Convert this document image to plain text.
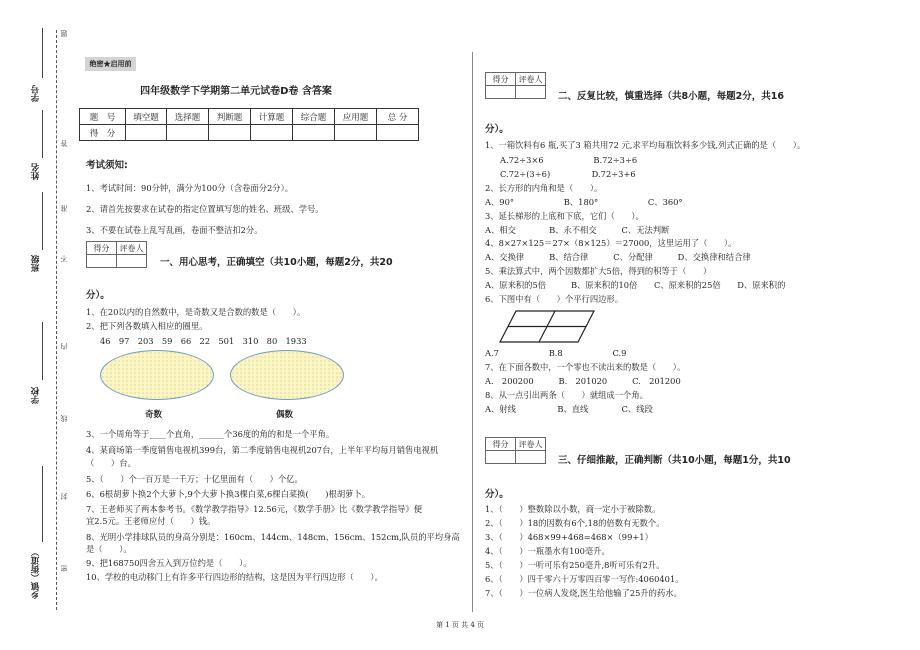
学号
姓名
班级
学校
乡镇（街道）
题
答
准
不
内
线
封
密
绝密★启用前
四年级数学下学期第二单元试卷D卷 含答案
题　号	填空题	选择题	判断题	计算题	综合题	应用题	总 分
得　分							
考试须知:
1、考试时间：90分钟，满分为100分（含卷面分2分）。
2、请首先按要求在试卷的指定位置填写您的姓名、班级、学号。
3、不要在试卷上乱写乱画，卷面不整洁扣2分。
得分	评卷人

一、用心思考，正确填空（共10小题，每题2分，共20
分）。
1、在20以内的自然数中，是奇数又是合数的数是（　　）。
2、把下列各数填入相应的圈里。
46　97　203　59　66　22　501　310　80　1933
奇数	偶数
3、一个周角等于____个直角，______个36度的角的和是一个平角。
4、某商场第一季度销售电视机399台，第二季度销售电视机207台，上半年平均每月销售电视机
（　　）台。
5、（　　）个一百万是一千万；十亿里面有（　　）个亿。
6、6根胡萝卜换2个大萝卜,9个大萝卜换3棵白菜,6棵白菜换(　　)根胡萝卜。
7、王老师买了两本参考书。《数学教学指导》12.56元，《数学手册》比《数学教学指导》便
宜2.5元。王老师应付（　　）钱。
8、光明小学排球队员的身高分别是：160cm、144cm、148cm、156cm、152cm,队员的平均身高
是（　　）。
9、把168750四舍五入到万位约是（　　）。
10、学校的电动移门上有许多平行四边形的结构，这是因为平行四边形（　　）。
得分	评卷人

二、反复比较，慎重选择（共8小题，每题2分，共16
分）。
1、一箱饮料有6 瓶,买了3 箱共用72 元,求平均每瓶饮料多少钱,列式正确的是（　　）。
A.72÷3×6　　　　　　B.72÷3÷6
C.72÷(3÷6)　　　　　D.72÷3+6
2、长方形的内角和是（　　）。
A、90°　　　　　　B、180°　　　　　　C、360°
3、延长梯形的上底和下底，它们（　　）。
A、相交　　　　B、永不相交　　　C、无法判断
4、8×27×125＝27×（8×125）＝27000，这里运用了（　　）。
A、交换律　　　B、结合律　　　C、分配律　　　D、交换律和结合律
5、乘法算式中，两个因数都扩大5倍，得到的积等于（　　）
A、原来积的5倍　　　B、原来积的10倍　　C、原来积的25倍　　D、原来积的
6、下图中有（　　）个平行四边形。
A.7　　　　　　B.8　　　　　　C.9
7、在下面各数中，一个零也不读出来的数是（　　）。
A.　200200　　　B.　201020　　　C.　201200
8、从一点引出两条（　　）就组成一个角。
A、射线　　　　　B、直线　　　　C、线段
得分	评卷人

三、仔细推敲，正确判断（共10小题，每题1分，共10
分）。
1、（　　）整数除以小数，商一定小于被除数。
2、（　　）18的因数有6个,18的倍数有无数个。
3、（　　）468×99+468=468×（99+1）
4、（　　）一瓶墨水有100毫升。
5、（　　）一听可乐有250毫升,8听可乐有2升。
6、（　　）四千零六十万零四百零一写作:4060401。
7、（　　）一位病人发烧,医生给他输了25升的药水。
第 1 页 共 4 页
